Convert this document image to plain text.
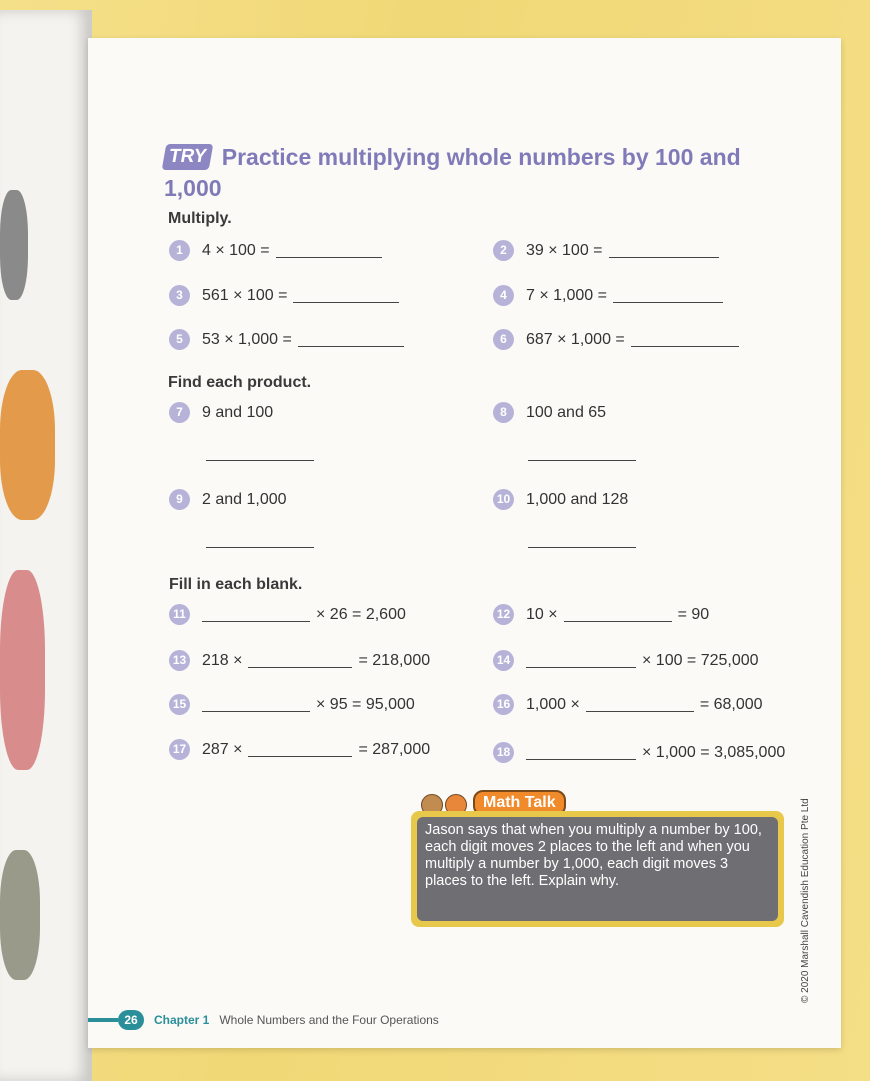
TRY Practice multiplying whole numbers by 100 and 1,000
Multiply.
1	4 × 100 =	2	39 × 100 =
3	561 × 100 =	4	7 × 1,000 =
5	53 × 1,000 =	6	687 × 1,000 =
Find each product.
7	9 and 100	8	100 and 65
9	2 and 1,000	10 1,000 and 128
Fill in each blank.
11	× 26 = 2,600	12 10 ×	= 90
13 218 ×	= 218,000	14	× 100 = 725,000
15	× 95 = 95,000	16 1,000 ×	= 68,000
17 287 ×	= 287,000	18	× 1,000 = 3,085,000
Math Talk
Jason says that when you multiply a number by 100, each digit moves 2 places to the left and when you multiply a number by 1,000, each digit moves 3 places to the left. Explain why.	© 2020 Marshall Cavendish Education Pte Ltd
26	Chapter 1 Whole Numbers and the Four Operations
